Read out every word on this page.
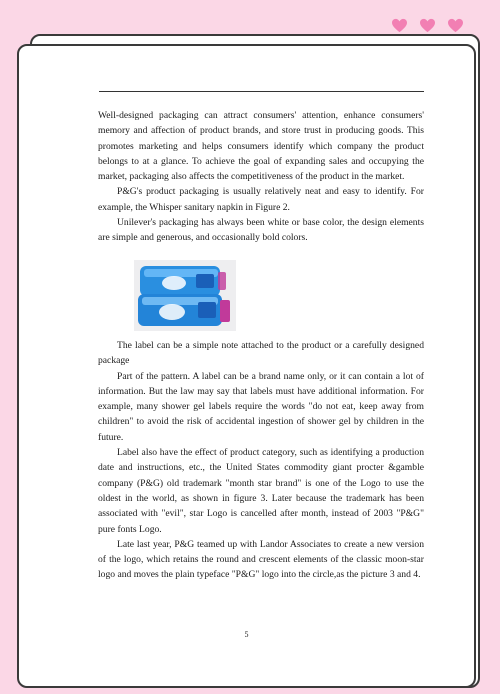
Well-designed packaging can attract consumers' attention, enhance consumers' memory and affection of product brands, and store trust in producing goods. This promotes marketing and helps consumers identify which company the product belongs to at a glance. To achieve the goal of expanding sales and occupying the market, packaging also affects the competitiveness of the product in the market.

P&G's product packaging is usually relatively neat and easy to identify. For example, the Whisper sanitary napkin in Figure 2.

Unilever's packaging has always been white or base color, the design elements are simple and generous, and occasionally bold colors.

The label can be a simple note attached to the product or a carefully designed package

Part of the pattern. A label can be a brand name only, or it can contain a lot of information. But the law may say that labels must have additional information. For example, many shower gel labels require the words "do not eat, keep away from children" to avoid the risk of accidental ingestion of shower gel by children in the future.

Label also have the effect of product category, such as identifying a production date and instructions, etc., the United States commodity giant procter &gamble company (P&G) old trademark "month star brand" is one of the Logo to use the oldest in the world, as shown in figure 3. Later because the trademark has been associated with "evil", star Logo is cancelled after month, instead of 2003 "P&G" pure fonts Logo.

Late last year, P&G teamed up with Landor Associates to create a new version of the logo, which retains the round and crescent elements of the classic moon-star logo and moves the plain typeface "P&G" logo into the circle,as the picture 3 and 4.

5
